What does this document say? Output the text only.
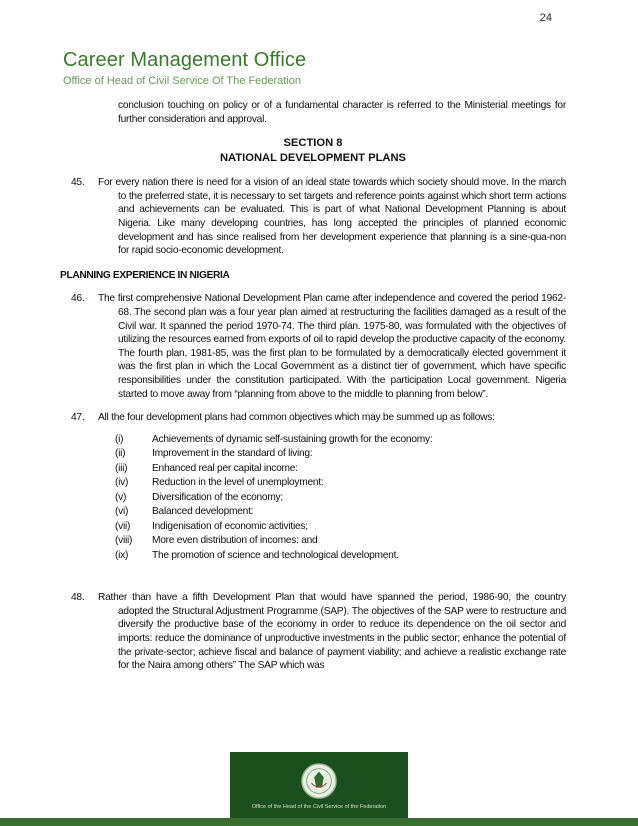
24
Career Management Office
Office of Head of Civil Service Of The Federation

conclusion touching on policy or of a fundamental character is referred to the Ministerial meetings for further consideration and approval.

SECTION 8
NATIONAL DEVELOPMENT PLANS
45.	For every nation there is need for a vision of an ideal state towards which society should move. In the march to the preferred state, it is necessary to set targets and reference points against which short term actions and achievements can be evaluated. This is part of what National Development Planning is about Nigeria. Like many developing countries, has long accepted the principles of planned economic development and has since realised from her development experience that planning is a sine-qua-non for rapid socio-economic development.

PLANNING EXPERIENCE IN NIGERIA
46.	The first comprehensive National Development Plan came after independence and covered the period 1962-68. The second plan was a four year plan aimed at restructuring the facilities damaged as a result of the Civil war. It spanned the period 1970-74. The third plan. 1975-80, was formulated with the objectives of utilizing the resources earned from exports of oil to rapid develop the productive capacity of the economy. The fourth plan, 1981-85, was the first plan to be formulated by a democratically elected government it was the first plan in which the Local Government as a distinct tier of government, which have specific responsibilities under the constitution participated. With the participation Local government. Nigeria started to move away from “planning from above to the middle to planning from below”.

47.	All the four development plans had common objectives which may be summed up as follows:

(i)	Achievements of dynamic self-sustaining growth for the economy:
(ii)	Improvement in the standard of living:
(iii)	Enhanced real per capital income:
(iv)	Reduction in the level of unemployment:
(v)	Diversification of the economy;
(vi)	Balanced development:
(vii)	Indigenisation of economic activities;
(viii)	More even distribution of incomes: and
(ix)	The promotion of science and technological development.
48.	Rather than have a fifth Development Plan that would have spanned the period, 1986-90, the country adopted the Structural Adjustment Programme (SAP). The objectives of the SAP were to restructure and diversify the productive base of the economy in order to reduce its dependence on the oil sector and imports: reduce the dominance of unproductive investments in the public sector; enhance the potential of the private-sector; achieve fiscal and balance of payment viability; and achieve a realistic exchange rate for the Naira among others” The SAP which was

Office of the Head of the Civil Service of the Federation
